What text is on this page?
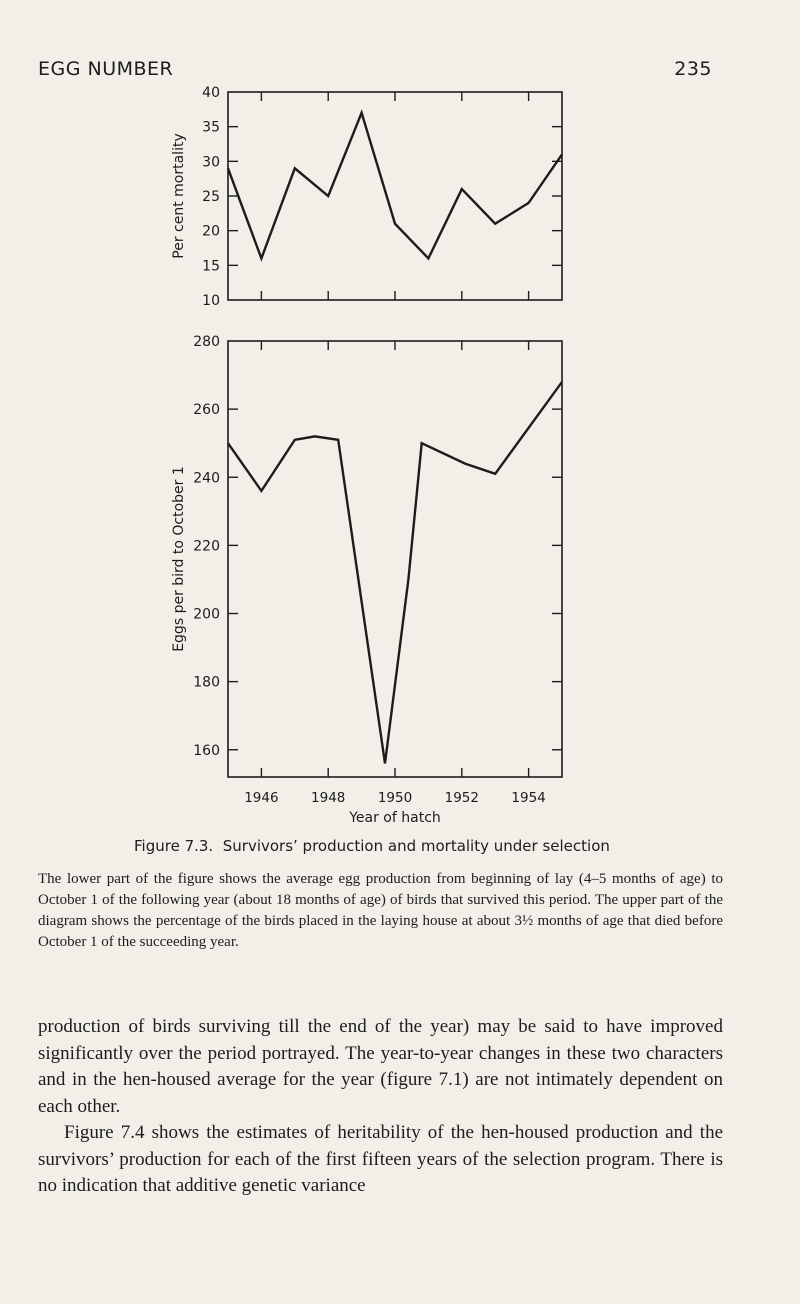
EGG NUMBER	235
10
15
20
25
30
35
40
Per cent mortality
160
180
200
220
240
260
280
1946 1948 1950 1952 1954
Eggs per bird to October 1
Year of hatch
Figure 7.3. Survivors’ production and mortality under selection
The lower part of the figure shows the average egg production from beginning of lay (4–5 months of age) to October 1 of the following year (about 18 months of age) of birds that survived this period. The upper part of the diagram shows the percentage of the birds placed in the laying house at about 3½ months of age that died before October 1 of the succeeding year.

production of birds surviving till the end of the year) may be said to have improved significantly over the period portrayed. The year-to-year changes in these two characters and in the hen-housed average for the year (figure 7.1) are not intimately dependent on each other.

Figure 7.4 shows the estimates of heritability of the hen-housed production and the survivors’ production for each of the first fifteen years of the selection program. There is no indication that additive genetic variance
